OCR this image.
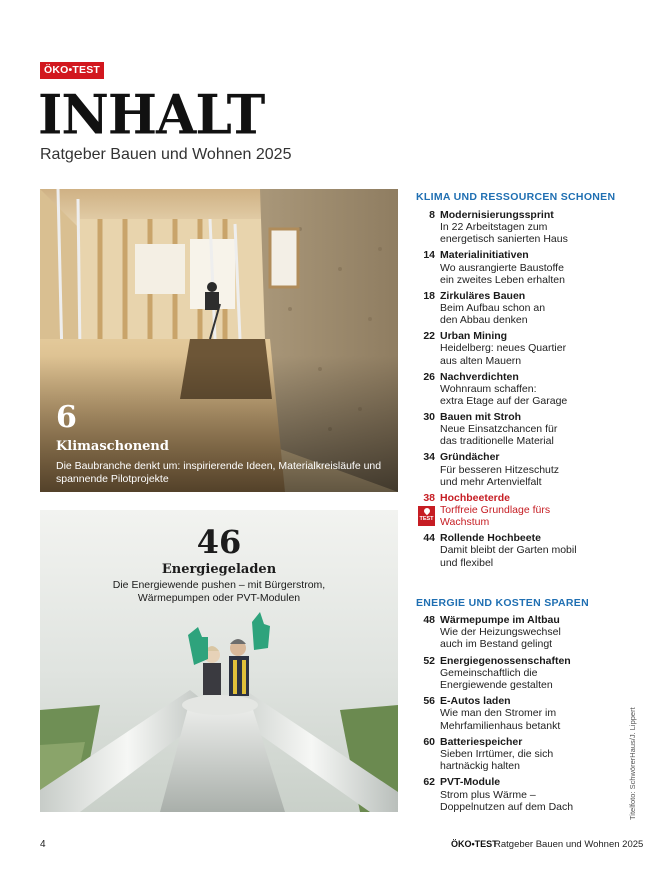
ÖKO•TEST
INHALT
Ratgeber Bauen und Wohnen 2025
6
Klimaschonend
Die Baubranche denkt um: inspirierende Ideen, Materialkreisläufe und spannende Pilotprojekte
46
Energiegeladen
Die Energiewende pushen – mit Bürgerstrom,
Wärmepumpen oder PVT-Modulen
KLIMA UND RESSOURCEN SCHONEN
8 Modernisierungssprint
In 22 Arbeitstagen zum
energetisch sanierten Haus
14 Materialinitiativen
Wo ausrangierte Baustoffe
ein zweites Leben erhalten
18 Zirkuläres Bauen
Beim Aufbau schon an
den Abbau denken
22 Urban Mining
Heidelberg: neues Quartier
aus alten Mauern
26 Nachverdichten
Wohnraum schaffen:
extra Etage auf der Garage
30 Bauen mit Stroh
Neue Einsatzchancen für
das traditionelle Material
34 Gründächer
Für besseren Hitzeschutz
und mehr Artenvielfalt
38 Hochbeeterde
TEST
Torffreie Grundlage fürs
Wachstum
44 Rollende Hochbeete
Damit bleibt der Garten mobil
und flexibel
ENERGIE UND KOSTEN SPAREN
48 Wärmepumpe im Altbau
Wie der Heizungswechsel
auch im Bestand gelingt
52 Energiegenossenschaften
Gemeinschaftlich die
Energiewende gestalten
56 E-Autos laden
Wie man den Stromer im
Mehrfamilienhaus betankt
60 Batteriespeicher
Sieben Irrtümer, die sich
hartnäckig halten
62 PVT-Module
Strom plus Wärme –
Doppelnutzen auf dem Dach	Titelfoto: SchwörerHaus/J. Lippert
4	ÖKO•TEST
Ratgeber Bauen und Wohnen 2025
